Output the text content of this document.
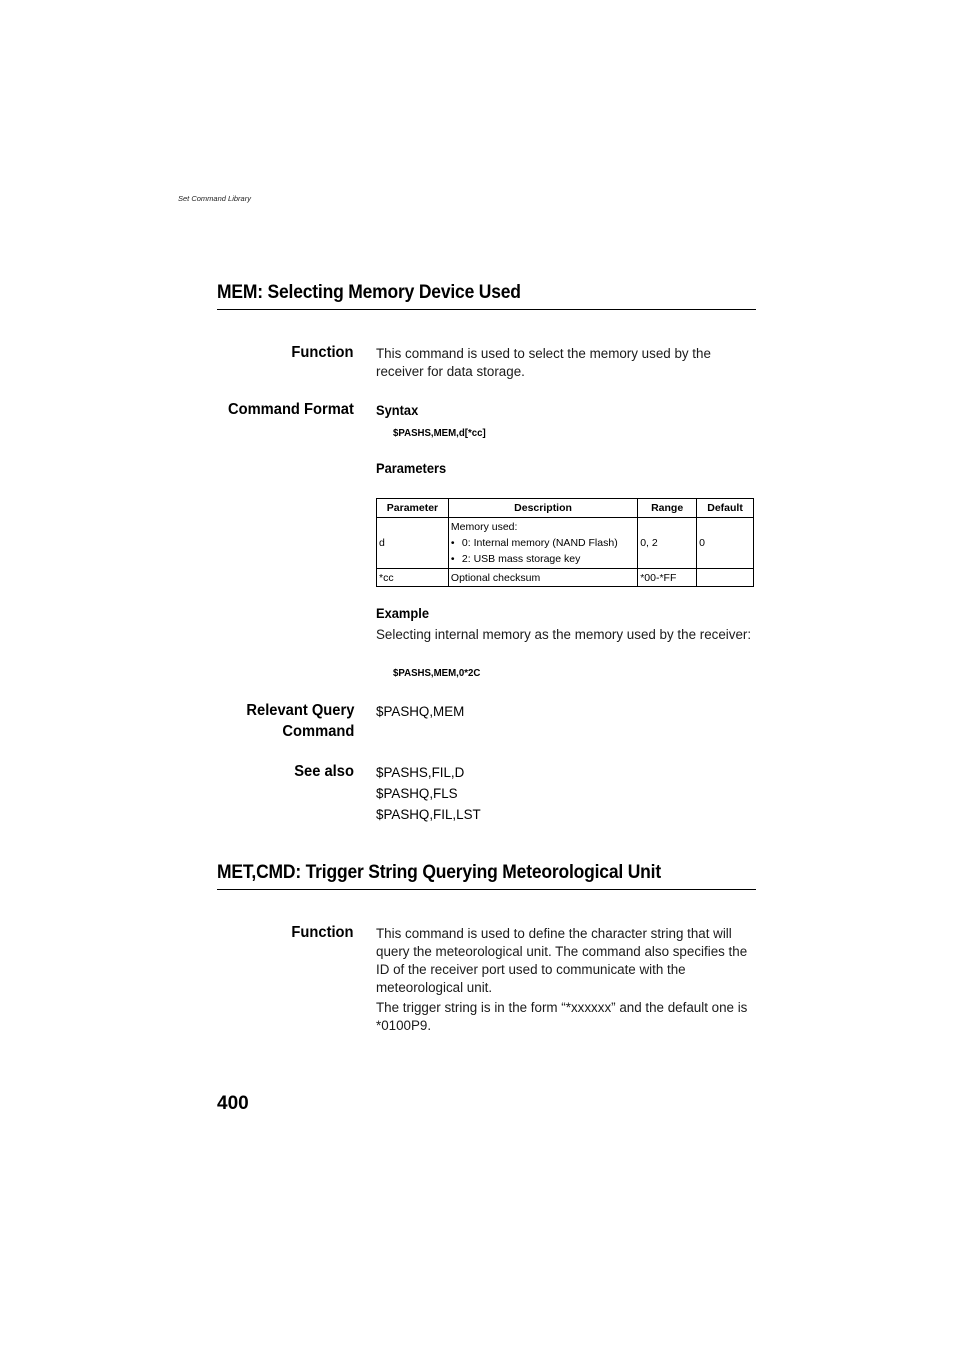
Set Command Library
MEM: Selecting Memory Device Used
Function This command is used to select the memory used by the receiver for data storage.
Command Format Syntax
$PASHS,MEM,d[*cc]
Parameters
Parameter	Description	Range	Default
d	Memory used:
• 0: Internal memory (NAND Flash)
• 2: USB mass storage key	0, 2	0
*cc	Optional checksum	*00-*FF	
Example
Selecting internal memory as the memory used by the receiver:
$PASHS,MEM,0*2C
Relevant Query
Command
$PASHQ,MEM
See also $PASHS,FIL,D
$PASHQ,FLS
$PASHQ,FIL,LST
MET,CMD: Trigger String Querying Meteorological Unit
Function This command is used to define the character string that will query the meteorological unit. The command also specifies the ID of the receiver port used to communicate with the meteorological unit.
The trigger string is in the form “*xxxxxx” and the default one is *0100P9.
400
